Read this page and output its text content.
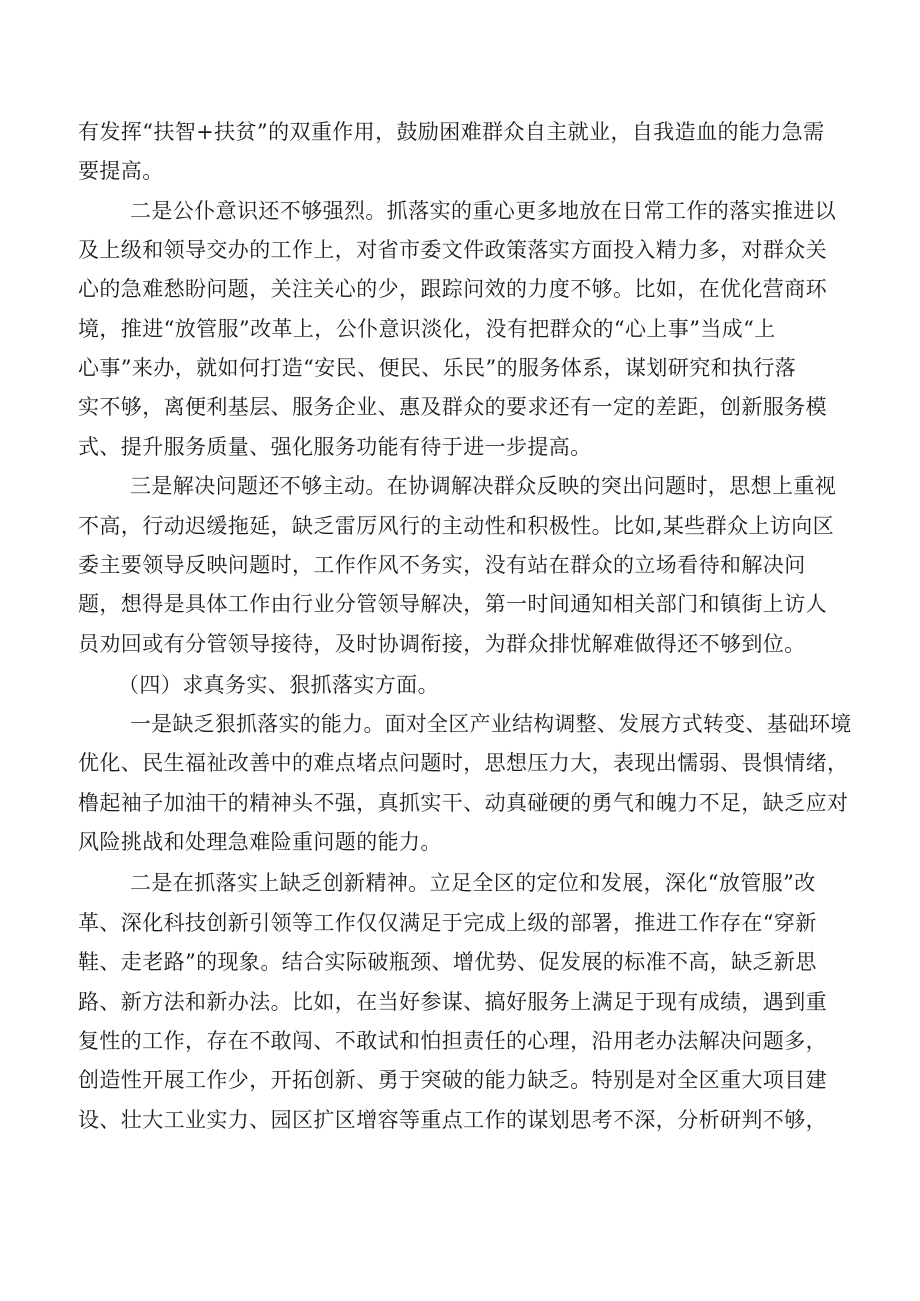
有发挥“扶智+扶贫”的双重作用，鼓励困难群众自主就业，自我造血的能力急需
要提高。
二是公仆意识还不够强烈。抓落实的重心更多地放在日常工作的落实推进以
及上级和领导交办的工作上，对省市委文件政策落实方面投入精力多，对群众关
心的急难愁盼问题，关注关心的少，跟踪问效的力度不够。比如，在优化营商环
境，推进“放管服”改革上，公仆意识淡化，没有把群众的“心上事”当成“上
心事”来办，就如何打造“安民、便民、乐民”的服务体系，谋划研究和执行落
实不够，离便利基层、服务企业、惠及群众的要求还有一定的差距，创新服务模
式、提升服务质量、强化服务功能有待于进一步提高。
三是解决问题还不够主动。在协调解决群众反映的突出问题时，思想上重视
不高，行动迟缓拖延，缺乏雷厉风行的主动性和积极性。比如,某些群众上访向区
委主要领导反映问题时，工作作风不务实，没有站在群众的立场看待和解决问
题，想得是具体工作由行业分管领导解决，第一时间通知相关部门和镇街上访人
员劝回或有分管领导接待，及时协调衔接，为群众排忧解难做得还不够到位。
（四）求真务实、狠抓落实方面。
一是缺乏狠抓落实的能力。面对全区产业结构调整、发展方式转变、基础环境
优化、民生福祉改善中的难点堵点问题时，思想压力大，表现出懦弱、畏惧情绪，
橹起袖子加油干的精神头不强，真抓实干、动真碰硬的勇气和魄力不足，缺乏应对
风险挑战和处理急难险重问题的能力。
二是在抓落实上缺乏创新精神。立足全区的定位和发展，深化“放管服”改
革、深化科技创新引领等工作仅仅满足于完成上级的部署，推进工作存在“穿新
鞋、走老路”的现象。结合实际破瓶颈、增优势、促发展的标准不高，缺乏新思
路、新方法和新办法。比如，在当好参谋、搞好服务上满足于现有成绩，遇到重
复性的工作，存在不敢闯、不敢试和怕担责任的心理，沿用老办法解决问题多，
创造性开展工作少，开拓创新、勇于突破的能力缺乏。特别是对全区重大项目建
设、壮大工业实力、园区扩区增容等重点工作的谋划思考不深，分析研判不够，
